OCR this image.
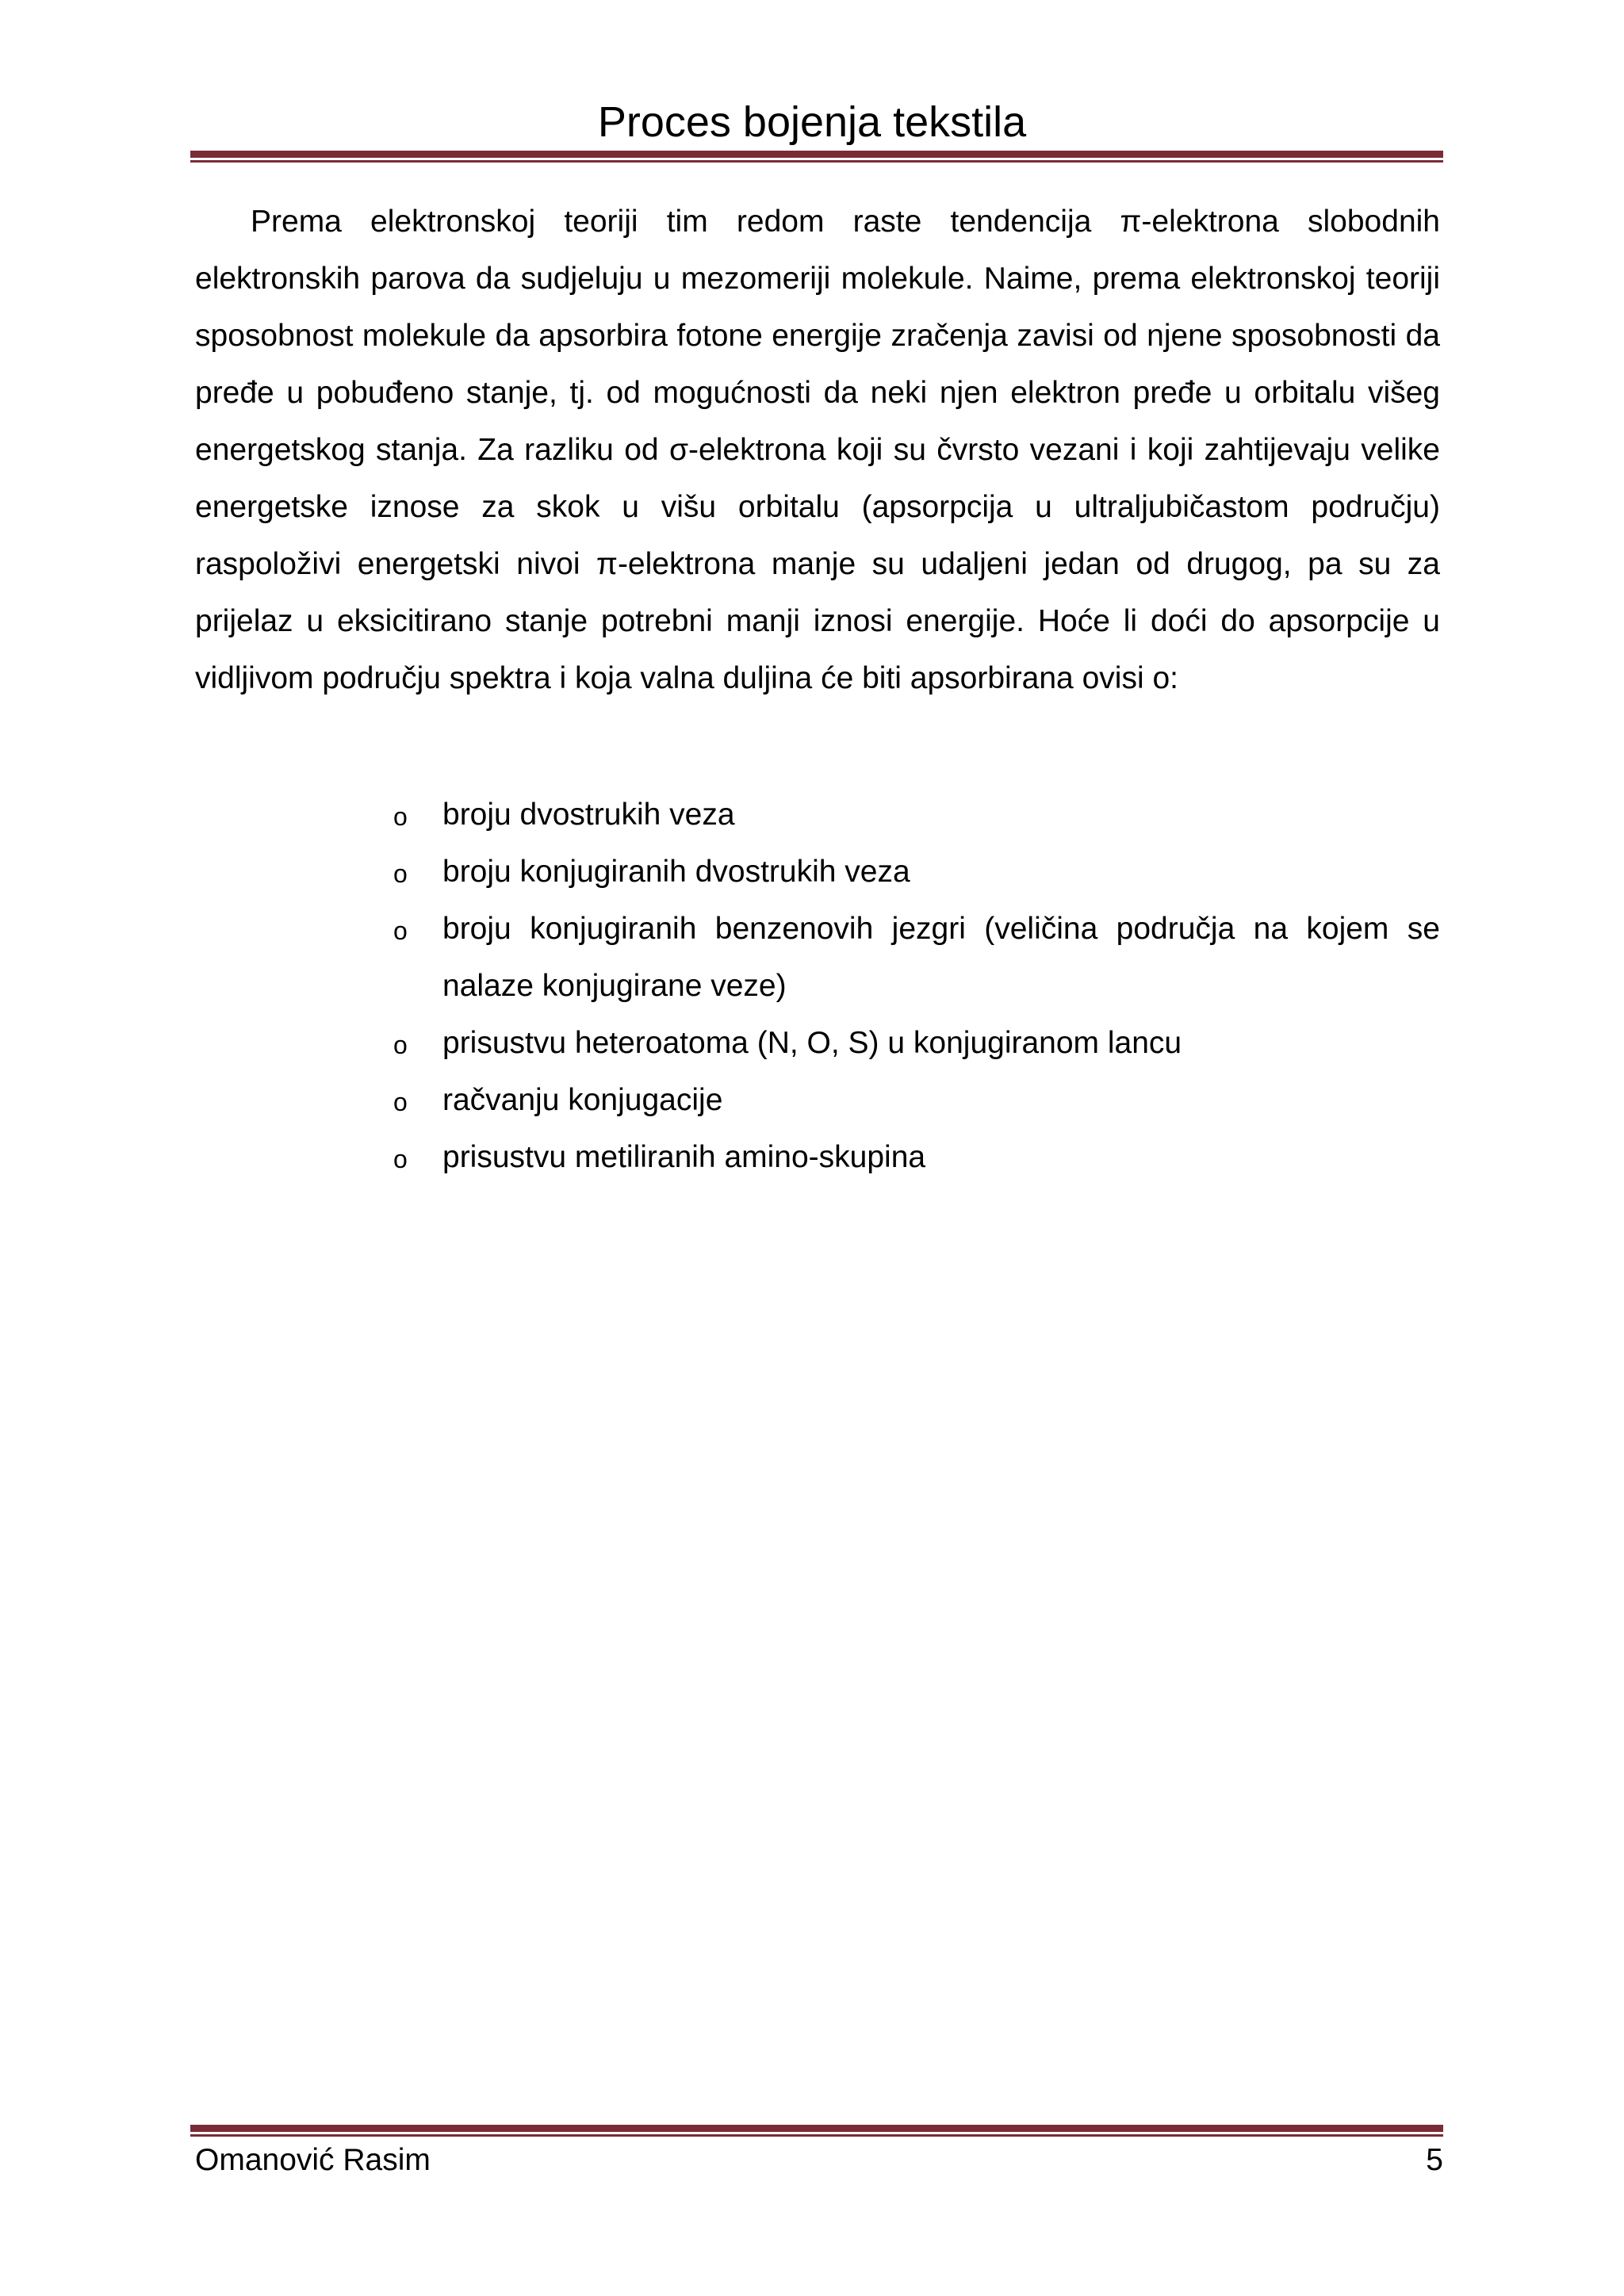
Proces bojenja tekstila

Prema elektronskoj teoriji tim redom raste tendencija π-elektrona slobodnih elektronskih parova da sudjeluju u mezomeriji molekule. Naime, prema elektronskoj teoriji sposobnost molekule da apsorbira fotone energije zračenja zavisi od njene sposobnosti da pređe u pobuđeno stanje, tj. od mogućnosti da neki njen elektron pređe u orbitalu višeg energetskog stanja. Za razliku od σ-elektrona koji su čvrsto vezani i koji zahtijevaju velike energetske iznose za skok u višu orbitalu (apsorpcija u ultraljubičastom području) raspoloživi energetski nivoi π-elektrona manje su udaljeni jedan od drugog, pa su za prijelaz u eksicitirano stanje potrebni manji iznosi energije. Hoće li doći do apsorpcije u vidljivom području spektra i koja valna duljina će biti apsorbirana ovisi o:

o broju dvostrukih veza
o broju konjugiranih dvostrukih veza
o broju konjugiranih benzenovih jezgri (veličina područja na kojem se nalaze konjugirane veze)
o prisustvu heteroatoma (N, O, S) u konjugiranom lancu
o račvanju konjugacije
o prisustvu metiliranih amino-skupina
Omanović Rasim	5
